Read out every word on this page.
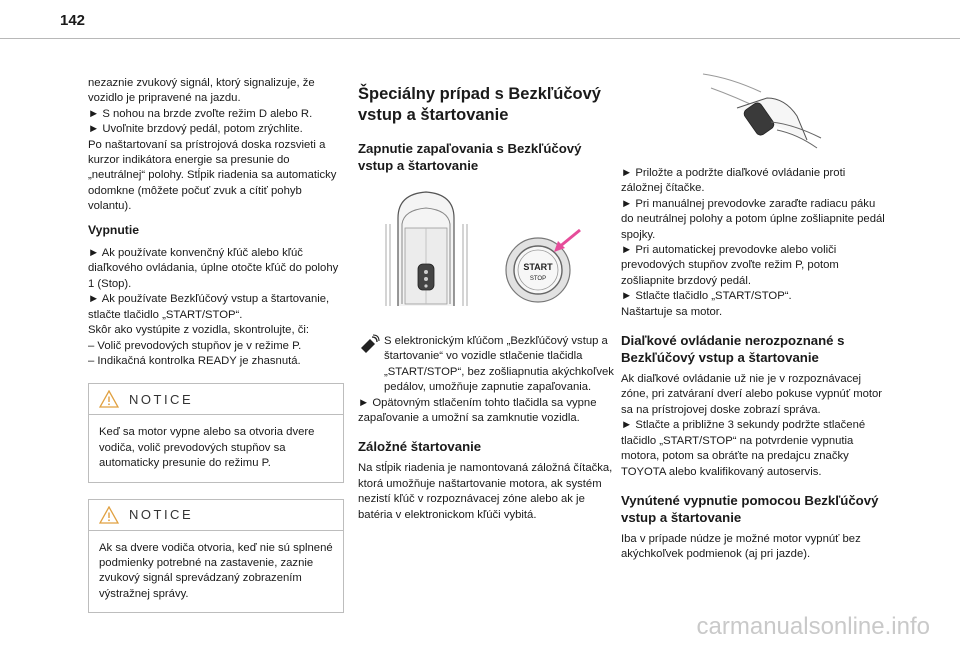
142

nezaznie zvukový signál, ktorý signalizuje, že vozidlo je pripravené na jazdu.

► S nohou na brzde zvoľte režim D alebo R.

► Uvoľnite brzdový pedál, potom zrýchlite.

Po naštartovaní sa prístrojová doska rozsvieti a kurzor indikátora energie sa presunie do „neutrálnej“ polohy. Stĺpik riadenia sa automaticky odomkne (môžete počuť zvuk a cítiť pohyb volantu).

Vypnutie

► Ak používate konvenčný kľúč alebo kľúč diaľkového ovládania, úplne otočte kľúč do polohy 1 (Stop).

► Ak používate Bezkľúčový vstup a štartovanie, stlačte tlačidlo „START/STOP“.

Skôr ako vystúpite z vozidla, skontrolujte, či:

– Volič prevodových stupňov je v režime P.

– Indikačná kontrolka READY je zhasnutá.

NOTICE

Keď sa motor vypne alebo sa otvoria dvere vodiča, volič prevodových stupňov sa automaticky presunie do režimu P.

NOTICE

Ak sa dvere vodiča otvoria, keď nie sú splnené podmienky potrebné na zastavenie, zaznie zvukový signál sprevádzaný zobrazením výstražnej správy.

Špeciálny prípad s Bezkľúčový vstup a štartovanie

Zapnutie zapaľovania s Bezkľúčový vstup a štartovanie

START
STOP
S elektronickým kľúčom „Bezkľúčový vstup a štartovanie“ vo vozidle stlačenie tlačidla „START/STOP“, bez zošliapnutia akýchkoľvek pedálov, umožňuje zapnutie zapaľovania.

► Opätovným stlačením tohto tlačidla sa vypne zapaľovanie a umožní sa zamknutie vozidla.

Záložné štartovanie

Na stĺpik riadenia je namontovaná záložná čítačka, ktorá umožňuje naštartovanie motora, ak systém nezistí kľúč v rozpoznávacej zóne alebo ak je batéria v elektronickom kľúči vybitá.

► Priložte a podržte diaľkové ovládanie proti záložnej čítačke.

► Pri manuálnej prevodovke zaraďte radiacu páku do neutrálnej polohy a potom úplne zošliapnite pedál spojky.

► Pri automatickej prevodovke alebo voliči prevodových stupňov zvoľte režim P, potom zošliapnite brzdový pedál.

► Stlačte tlačidlo „START/STOP“.

Naštartuje sa motor.

Diaľkové ovládanie nerozpoznané s Bezkľúčový vstup a štartovanie

Ak diaľkové ovládanie už nie je v rozpoznávacej zóne, pri zatváraní dverí alebo pokuse vypnúť motor sa na prístrojovej doske zobrazí správa.

► Stlačte a približne 3 sekundy podržte stlačené tlačidlo „START/STOP“ na potvrdenie vypnutia motora, potom sa obráťte na predajcu značky TOYOTA alebo kvalifikovaný autoservis.

Vynútené vypnutie pomocou Bezkľúčový vstup a štartovanie

Iba v prípade núdze je možné motor vypnúť bez akýchkoľvek podmienok (aj pri jazde).

carmanualsonline.info
